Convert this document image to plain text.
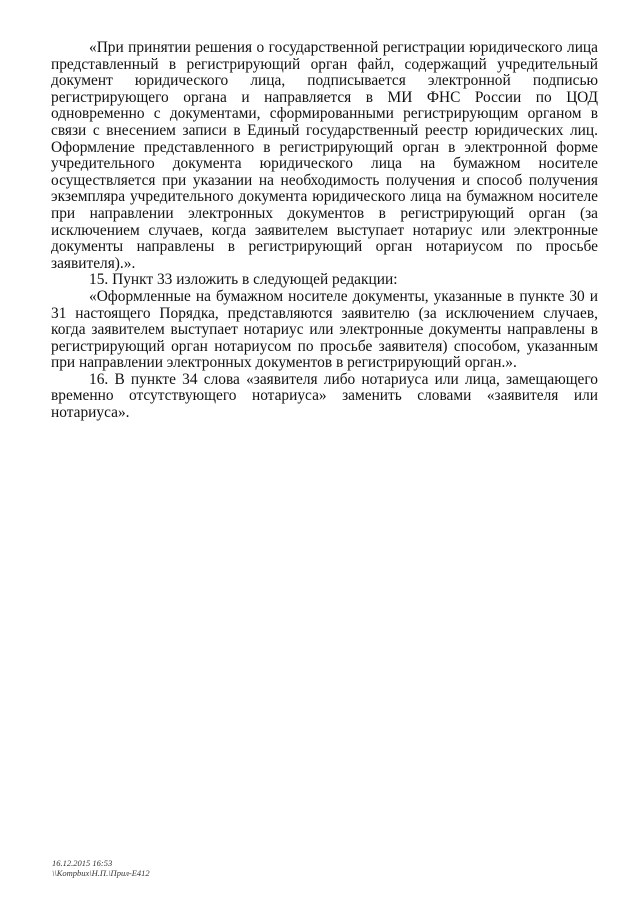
«При принятии решения о государственной регистрации юридического лица представленный в регистрирующий орган файл, содержащий учредительный документ юридического лица, подписывается электронной подписью регистрирующего органа и направляется в МИ ФНС России по ЦОД одновременно с документами, сформированными регистрирующим органом в связи с внесением записи в Единый государственный реестр юридических лиц. Оформление представленного в регистрирующий орган в электронной форме учредительного документа юридического лица на бумажном носителе осуществляется при указании на необходимость получения и способ получения экземпляра учредительного документа юридического лица на бумажном носителе при направлении электронных документов в регистрирующий орган (за исключением случаев, когда заявителем выступает нотариус или электронные документы направлены в регистрирующий орган нотариусом по просьбе заявителя).».

15. Пункт 33 изложить в следующей редакции:

«Оформленные на бумажном носителе документы, указанные в пункте 30 и 31 настоящего Порядка, представляются заявителю (за исключением случаев, когда заявителем выступает нотариус или электронные документы направлены в регистрирующий орган нотариусом по просьбе заявителя) способом, указанным при направлении электронных документов в регистрирующий орган.».

16. В пункте 34 слова «заявителя либо нотариуса или лица, замещающего временно отсутствующего нотариуса» заменить словами «заявителя или нотариуса».

16.12.2015 16:53
\\Kompbux\Н.П.\Прил-Е412
